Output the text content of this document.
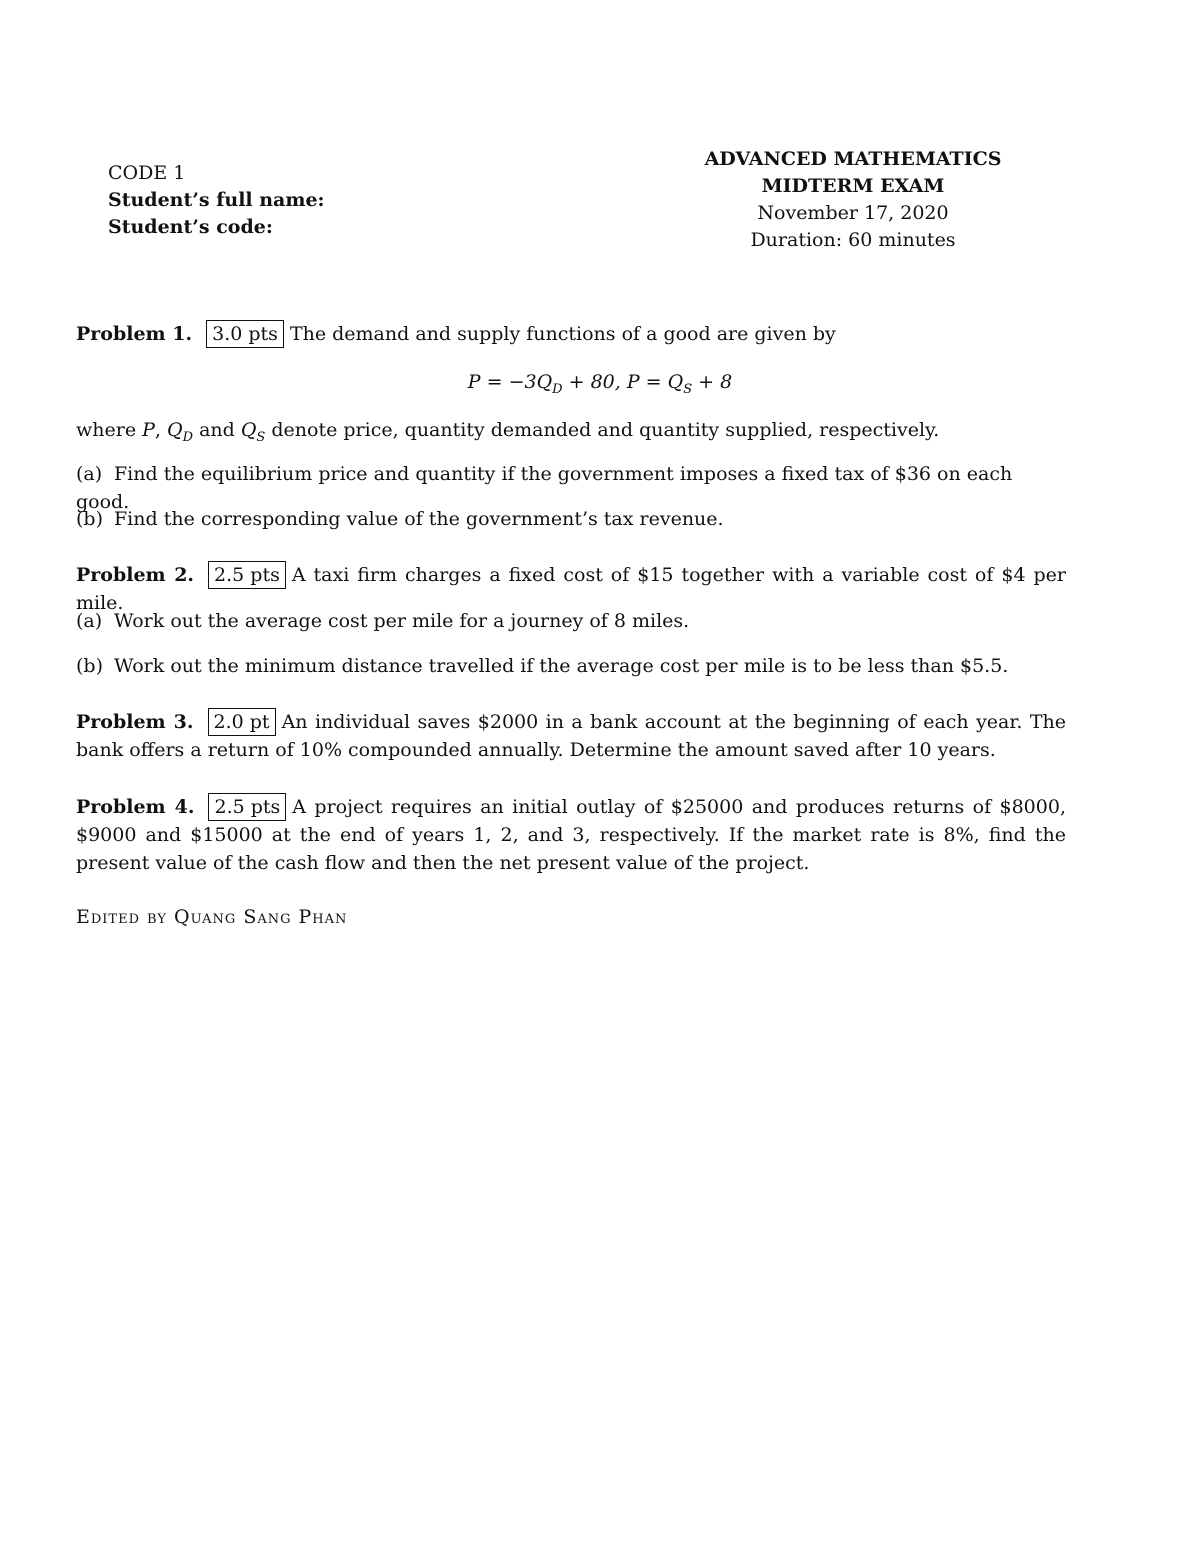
CODE 1
Student’s full name:
Student’s code:
ADVANCED MATHEMATICS
MIDTERM EXAM
November 17, 2020
Duration: 60 minutes
Problem 1. 3.0 pts The demand and supply functions of a good are given by
$P = -3Q_D + 80$, $P = Q_S + 8$
where P, $Q_D$ and $Q_S$ denote price, quantity demanded and quantity supplied, respectively.
(a) Find the equilibrium price and quantity if the government imposes a fixed tax of $36 on each good.
(b) Find the corresponding value of the government’s tax revenue.
Problem 2. 2.5 pts A taxi firm charges a fixed cost of $15 together with a variable cost of $4 per mile.
(a) Work out the average cost per mile for a journey of 8 miles.
(b) Work out the minimum distance travelled if the average cost per mile is to be less than $5.5.
Problem 3. 2.0 pt An individual saves $2000 in a bank account at the beginning of each year. The bank offers a return of 10% compounded annually. Determine the amount saved after 10 years.
Problem 4. 2.5 pts A project requires an initial outlay of $25000 and produces returns of $8000, $9000 and $15000 at the end of years 1, 2, and 3, respectively. If the market rate is 8%, find the present value of the cash flow and then the net present value of the project.
Edited by Quang Sang Phan
